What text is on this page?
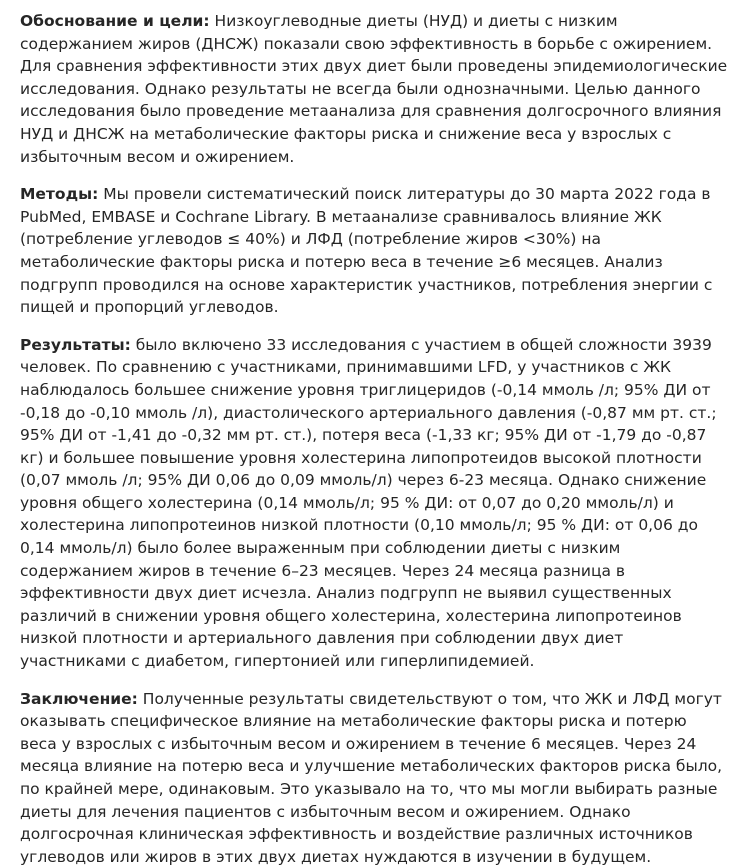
Обоснование и цели: Низкоуглеводные диеты (НУД) и диеты с низким содержанием жиров (ДНСЖ) показали свою эффективность в борьбе с ожирением. Для сравнения эффективности этих двух диет были проведены эпидемиологические исследования. Однако результаты не всегда были однозначными. Целью данного исследования было проведение метаанализа для сравнения долгосрочного влияния НУД и ДНСЖ на метаболические факторы риска и снижение веса у взрослых с избыточным весом и ожирением.

Методы: Мы провели систематический поиск литературы до 30 марта 2022 года в PubMed, EMBASE и Cochrane Library. В метаанализе сравнивалось влияние ЖК (потребление углеводов ≤ 40%) и ЛФД (потребление жиров <30%) на метаболические факторы риска и потерю веса в течение ≥6 месяцев. Анализ подгрупп проводился на основе характеристик участников, потребления энергии с пищей и пропорций углеводов.

Результаты: было включено 33 исследования с участием в общей сложности 3939 человек. По сравнению с участниками, принимавшими LFD, у участников с ЖК наблюдалось большее снижение уровня триглицеридов (-0,14 ммоль /л; 95% ДИ от -0,18 до -0,10 ммоль /л), диастолического артериального давления (-0,87 мм рт. ст.; 95% ДИ от -1,41 до -0,32 мм рт. ст.), потеря веса (-1,33 кг; 95% ДИ от -1,79 до -0,87 кг) и большее повышение уровня холестерина липопротеидов высокой плотности (0,07 ммоль /л; 95% ДИ 0,06 до 0,09 ммоль/л) через 6-23 месяца. Однако снижение уровня общего холестерина (0,14 ммоль/л; 95 % ДИ: от 0,07 до 0,20 ммоль/л) и холестерина липопротеинов низкой плотности (0,10 ммоль/л; 95 % ДИ: от 0,06 до 0,14 ммоль/л) было более выраженным при соблюдении диеты с низким содержанием жиров в течение 6–23 месяцев. Через 24 месяца разница в эффективности двух диет исчезла. Анализ подгрупп не выявил существенных различий в снижении уровня общего холестерина, холестерина липопротеинов низкой плотности и артериального давления при соблюдении двух диет участниками с диабетом, гипертонией или гиперлипидемией.

Заключение: Полученные результаты свидетельствуют о том, что ЖК и ЛФД могут оказывать специфическое влияние на метаболические факторы риска и потерю веса у взрослых с избыточным весом и ожирением в течение 6 месяцев. Через 24 месяца влияние на потерю веса и улучшение метаболических факторов риска было, по крайней мере, одинаковым. Это указывало на то, что мы могли выбирать разные диеты для лечения пациентов с избыточным весом и ожирением. Однако долгосрочная клиническая эффективность и воздействие различных источников углеводов или жиров в этих двух диетах нуждаются в изучении в будущем.
